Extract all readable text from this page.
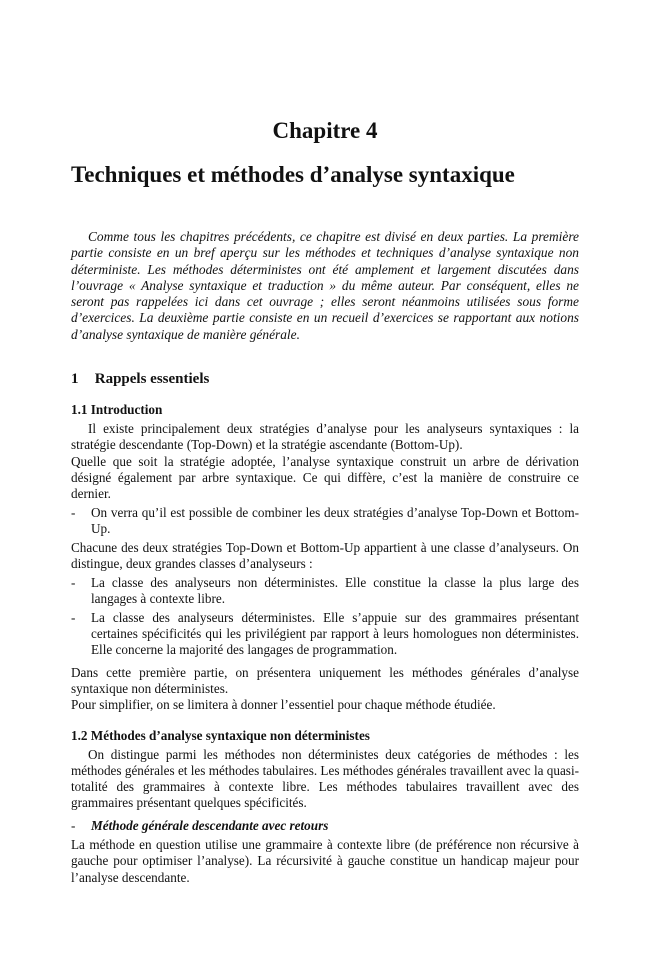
Chapitre 4
Techniques et méthodes d’analyse syntaxique

Comme tous les chapitres précédents, ce chapitre est divisé en deux parties. La première partie consiste en un bref aperçu sur les méthodes et techniques d’analyse syntaxique non déterministe. Les méthodes déterministes ont été amplement et largement discutées dans l’ouvrage « Analyse syntaxique et traduction » du même auteur. Par conséquent, elles ne seront pas rappelées ici dans cet ouvrage ; elles seront néanmoins utilisées sous forme d’exercices. La deuxième partie consiste en un recueil d’exercices se rapportant aux notions d’analyse syntaxique de manière générale.

1 Rappels essentiels
1.1 Introduction

Il existe principalement deux stratégies d’analyse pour les analyseurs syntaxiques : la stratégie descendante (Top-Down) et la stratégie ascendante (Bottom-Up).

Quelle que soit la stratégie adoptée, l’analyse syntaxique construit un arbre de dérivation désigné également par arbre syntaxique. Ce qui diffère, c’est la manière de construire ce dernier.

-	On verra qu’il est possible de combiner les deux stratégies d’analyse Top-Down et Bottom-Up.

Chacune des deux stratégies Top-Down et Bottom-Up appartient à une classe d’analyseurs. On distingue, deux grandes classes d’analyseurs :

-	La classe des analyseurs non déterministes. Elle constitue la classe la plus large des langages à contexte libre.
-	La classe des analyseurs déterministes. Elle s’appuie sur des grammaires présentant certaines spécificités qui les privilégient par rapport à leurs homologues non déterministes. Elle concerne la majorité des langages de programmation.

Dans cette première partie, on présentera uniquement les méthodes générales d’analyse syntaxique non déterministes.

Pour simplifier, on se limitera à donner l’essentiel pour chaque méthode étudiée.

1.2 Méthodes d’analyse syntaxique non déterministes

On distingue parmi les méthodes non déterministes deux catégories de méthodes : les méthodes générales et les méthodes tabulaires. Les méthodes générales travaillent avec la quasi-totalité des grammaires à contexte libre. Les méthodes tabulaires travaillent avec des grammaires présentant quelques spécificités.

-	Méthode générale descendante avec retours

La méthode en question utilise une grammaire à contexte libre (de préférence non récursive à gauche pour optimiser l’analyse). La récursivité à gauche constitue un handicap majeur pour l’analyse descendante.
